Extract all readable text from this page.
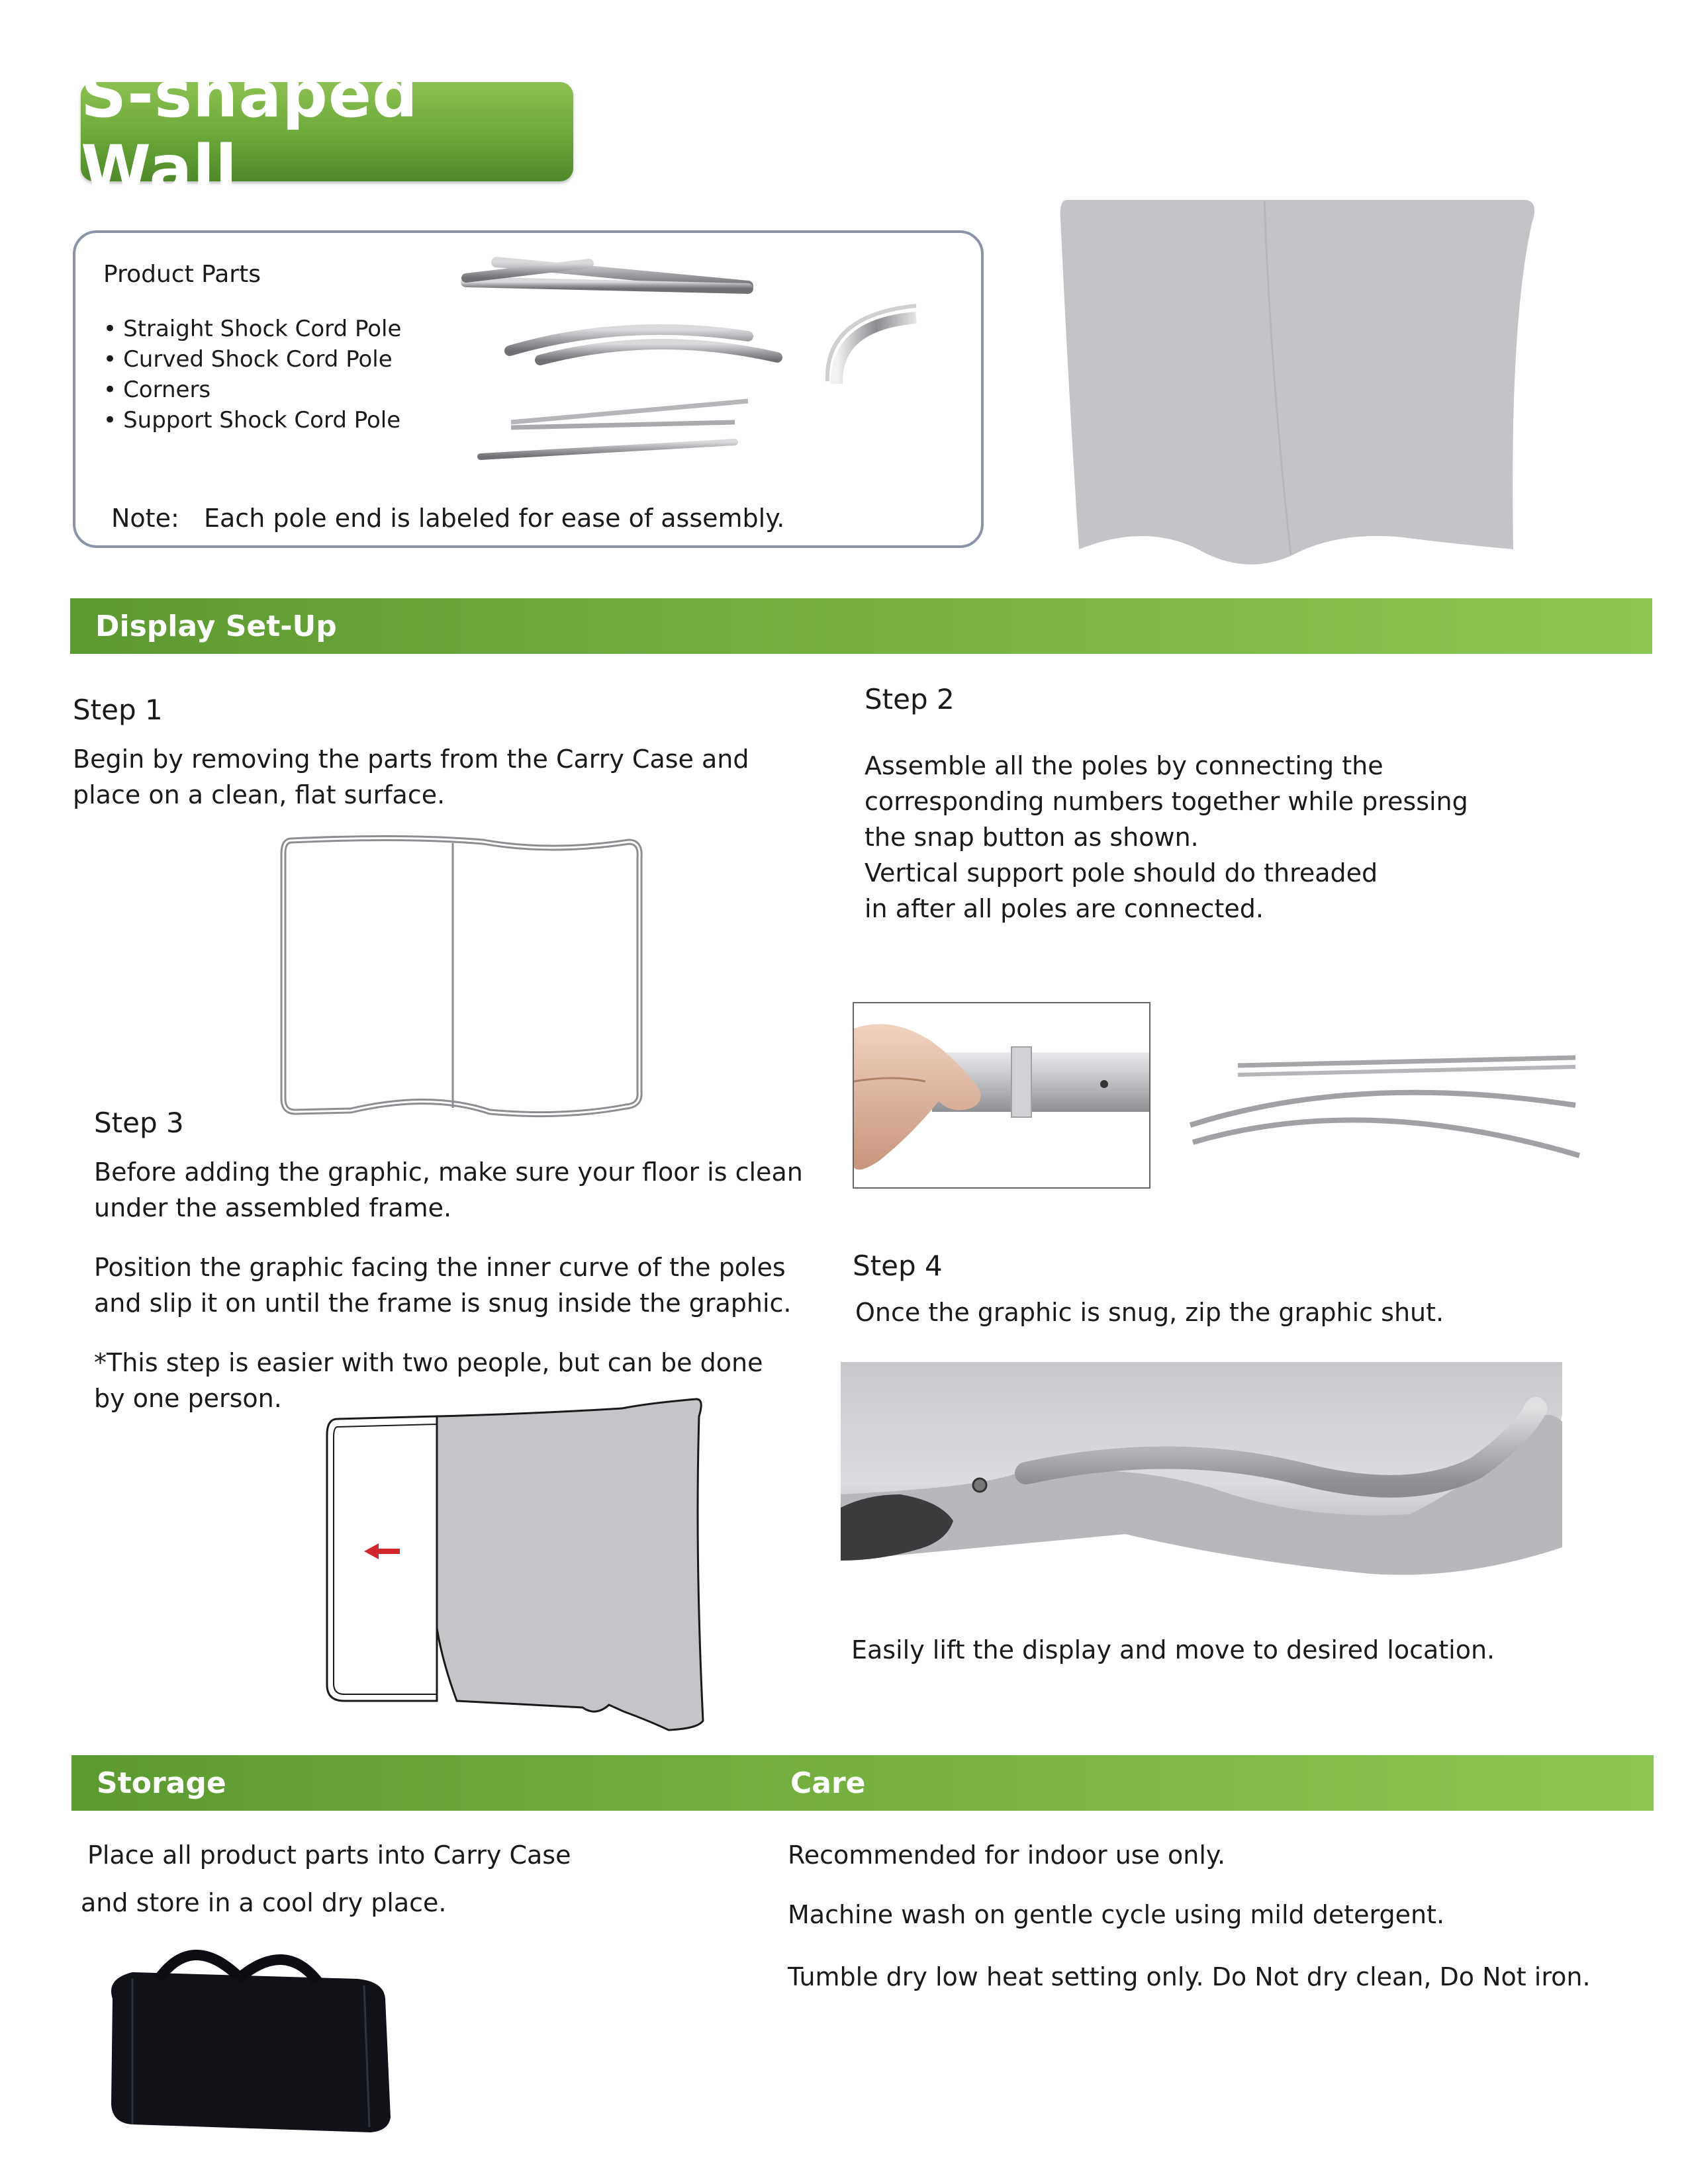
S-shaped Wall
Product Parts
• Straight Shock Cord Pole
• Curved Shock Cord Pole
• Corners
• Support Shock Cord Pole
Note: Each pole end is labeled for ease of assembly.
Display Set-Up
Step 1
Begin by removing the parts from the Carry Case and
place on a clean, flat surface.
Step 2
Assemble all the poles by connecting the
corresponding numbers together while pressing
the snap button as shown.
Vertical support pole should do threaded
in after all poles are connected.
Step 3
Before adding the graphic, make sure your floor is clean
under the assembled frame.
Position the graphic facing the inner curve of the poles
and slip it on until the frame is snug inside the graphic.
*This step is easier with two people, but can be done
by one person.
Step 4
Once the graphic is snug, zip the graphic shut.
Easily lift the display and move to desired location.
Storage	Care
Place all product parts into Carry Case
and store in a cool dry place.
Recommended for indoor use only.
Machine wash on gentle cycle using mild detergent.
Tumble dry low heat setting only. Do Not dry clean, Do Not iron.
